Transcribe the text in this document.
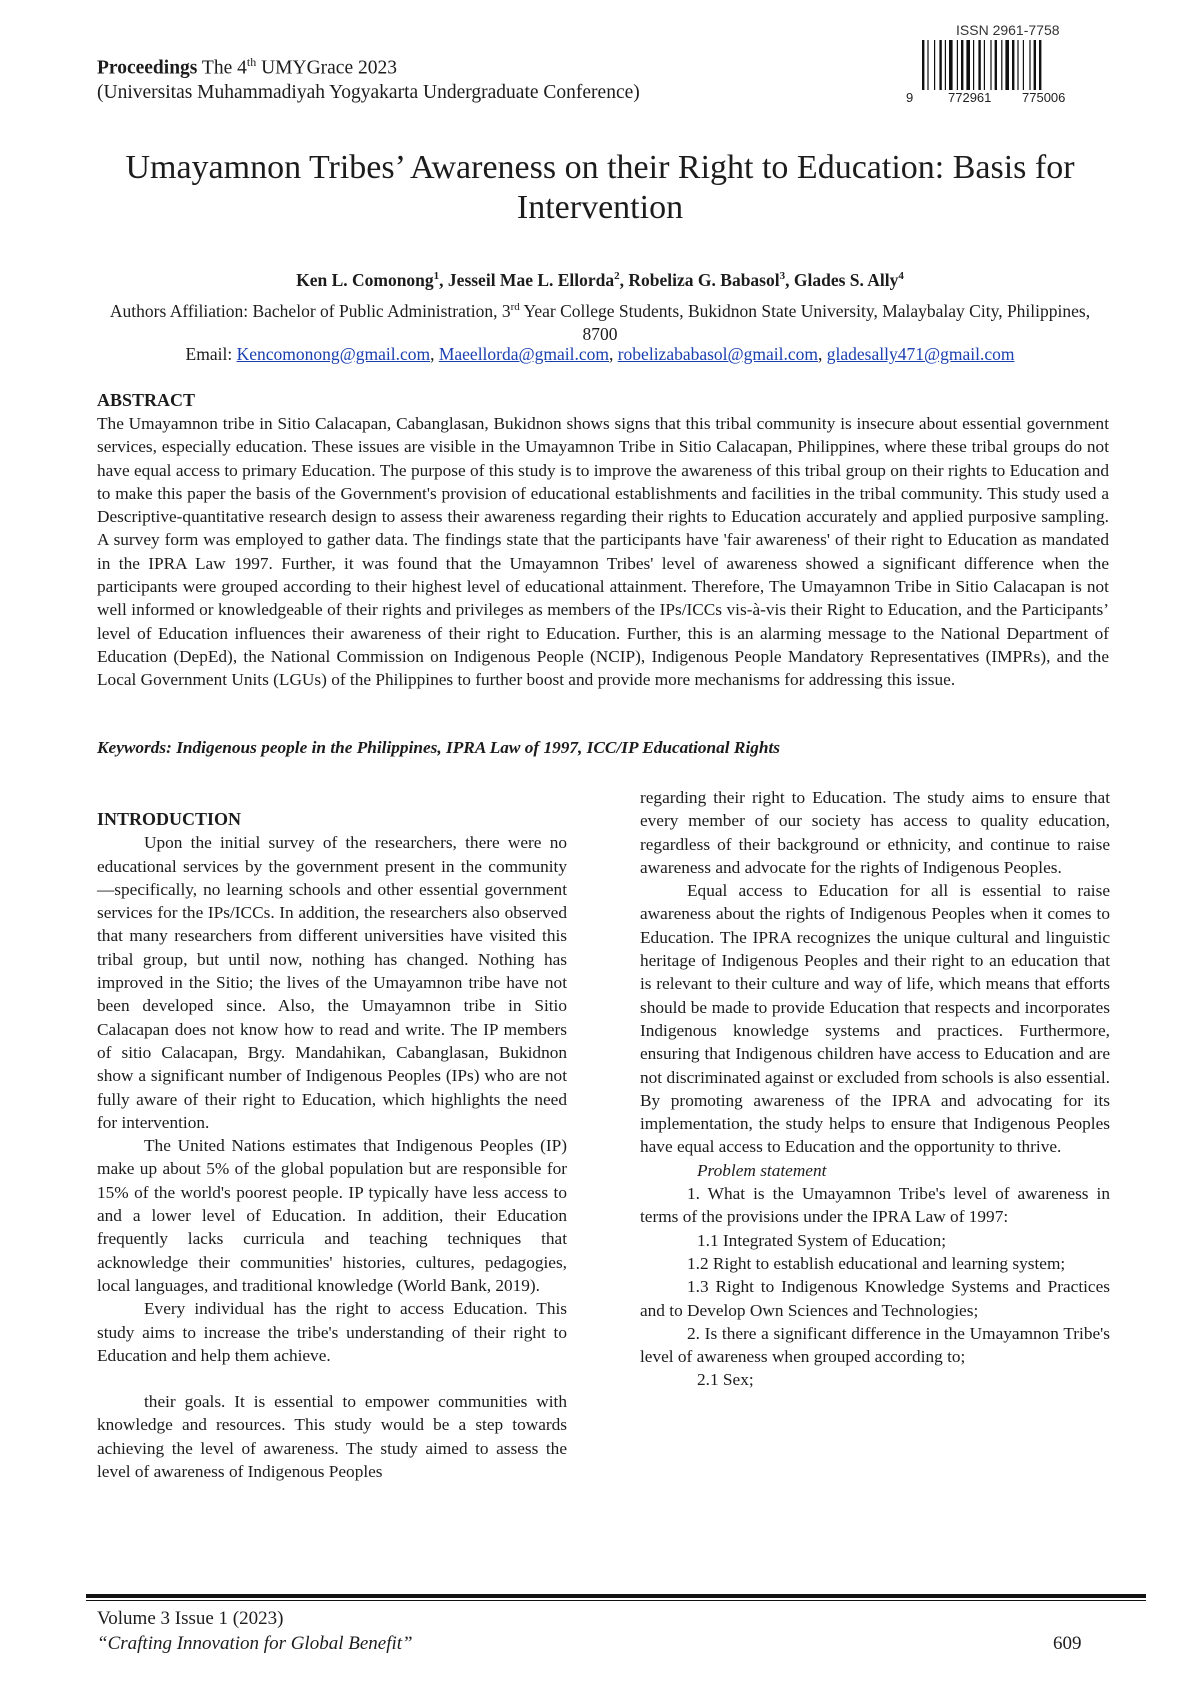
Proceedings The 4th UMYGrace 2023
(Universitas Muhammadiyah Yogyakarta Undergraduate Conference)
ISSN 2961-7758
9	772961 775006
Umayamnon Tribes’ Awareness on their Right to Education: Basis for Intervention
Ken L. Comonong$^1$, Jesseil Mae L. Ellorda$^2$, Robeliza G. Babasol$^3$, Glades S. Ally$^4$
Authors Affiliation: Bachelor of Public Administration, 3rd Year College Students, Bukidnon State University, Malaybalay City, Philippines, 8700
Email: Kencomonong@gmail.com, Maeellorda@gmail.com, robelizababasol@gmail.com, gladesally471@gmail.com
ABSTRACT
The Umayamnon tribe in Sitio Calacapan, Cabanglasan, Bukidnon shows signs that this tribal community is insecure about essential government services, especially education. These issues are visible in the Umayamnon Tribe in Sitio Calacapan, Philippines, where these tribal groups do not have equal access to primary Education. The purpose of this study is to improve the awareness of this tribal group on their rights to Education and to make this paper the basis of the Government's provision of educational establishments and facilities in the tribal community. This study used a Descriptive-quantitative research design to assess their awareness regarding their rights to Education accurately and applied purposive sampling. A survey form was employed to gather data. The findings state that the participants have 'fair awareness' of their right to Education as mandated in the IPRA Law 1997. Further, it was found that the Umayamnon Tribes' level of awareness showed a significant difference when the participants were grouped according to their highest level of educational attainment. Therefore, The Umayamnon Tribe in Sitio Calacapan is not well informed or knowledgeable of their rights and privileges as members of the IPs/ICCs vis-à-vis their Right to Education, and the Participants’ level of Education influences their awareness of their right to Education. Further, this is an alarming message to the National Department of Education (DepEd), the National Commission on Indigenous People (NCIP), Indigenous People Mandatory Representatives (IMPRs), and the Local Government Units (LGUs) of the Philippines to further boost and provide more mechanisms for addressing this issue.
Keywords: Indigenous people in the Philippines, IPRA Law of 1997, ICC/IP Educational Rights

INTRODUCTION

Upon the initial survey of the researchers, there were no educational services by the government present in the community—specifically, no learning schools and other essential government services for the IPs/ICCs. In addition, the researchers also observed that many researchers from different universities have visited this tribal group, but until now, nothing has changed. Nothing has improved in the Sitio; the lives of the Umayamnon tribe have not been developed since. Also, the Umayamnon tribe in Sitio Calacapan does not know how to read and write. The IP members of sitio Calacapan, Brgy. Mandahikan, Cabanglasan, Bukidnon show a significant number of Indigenous Peoples (IPs) who are not fully aware of their right to Education, which highlights the need for intervention.

The United Nations estimates that Indigenous Peoples (IP) make up about 5% of the global population but are responsible for 15% of the world's poorest people. IP typically have less access to and a lower level of Education. In addition, their Education frequently lacks curricula and teaching techniques that acknowledge their communities' histories, cultures, pedagogies, local languages, and traditional knowledge (World Bank, 2019).

Every individual has the right to access Education. This study aims to increase the tribe's understanding of their right to Education and help them achieve.

their goals. It is essential to empower communities with knowledge and resources. This study would be a step towards achieving the level of awareness. The study aimed to assess the level of awareness of Indigenous Peoples

regarding their right to Education. The study aims to ensure that every member of our society has access to quality education, regardless of their background or ethnicity, and continue to raise awareness and advocate for the rights of Indigenous Peoples.

Equal access to Education for all is essential to raise awareness about the rights of Indigenous Peoples when it comes to Education. The IPRA recognizes the unique cultural and linguistic heritage of Indigenous Peoples and their right to an education that is relevant to their culture and way of life, which means that efforts should be made to provide Education that respects and incorporates Indigenous knowledge systems and practices. Furthermore, ensuring that Indigenous children have access to Education and are not discriminated against or excluded from schools is also essential. By promoting awareness of the IPRA and advocating for its implementation, the study helps to ensure that Indigenous Peoples have equal access to Education and the opportunity to thrive.

Problem statement

1. What is the Umayamnon Tribe's level of awareness in terms of the provisions under the IPRA Law of 1997:

1.1 Integrated System of Education;

1.2 Right to establish educational and learning system;

1.3 Right to Indigenous Knowledge Systems and Practices and to Develop Own Sciences and Technologies;

2. Is there a significant difference in the Umayamnon Tribe's level of awareness when grouped according to;

2.1 Sex;

Volume 3 Issue 1 (2023)
“Crafting Innovation for Global Benefit”	609
